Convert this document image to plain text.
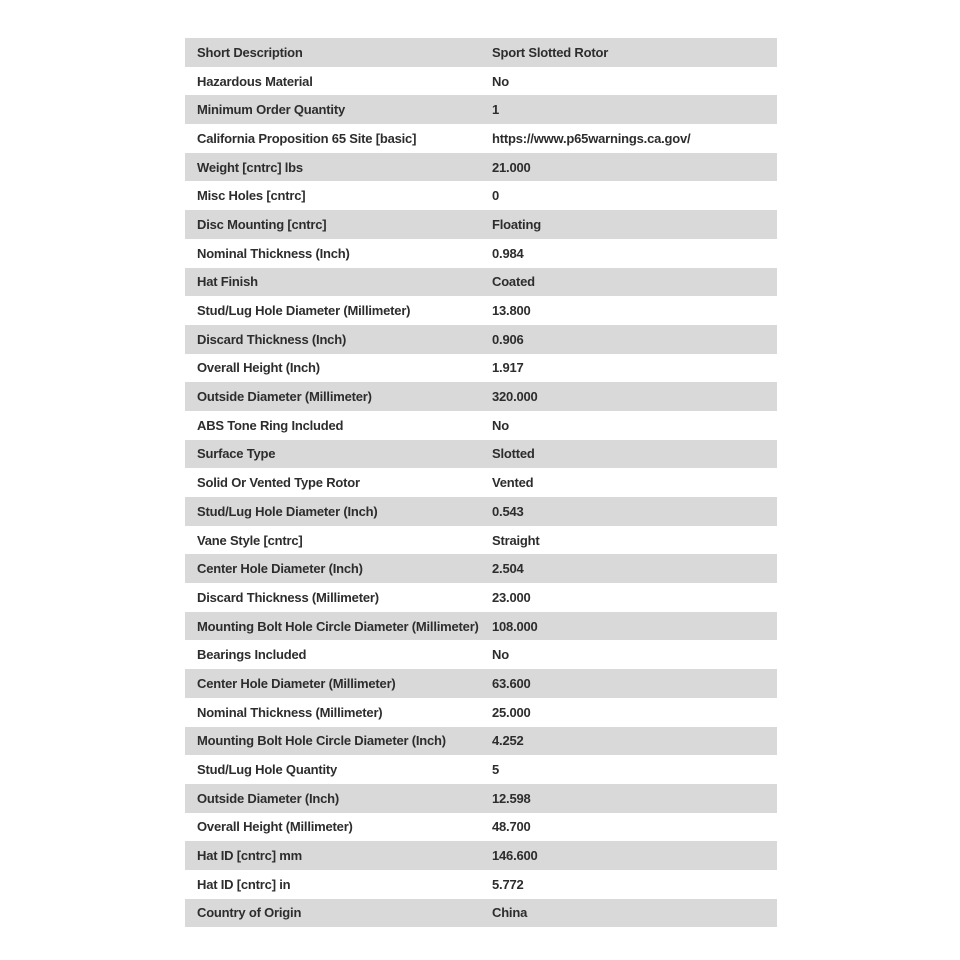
Short Description	Sport Slotted Rotor
Hazardous Material	No
Minimum Order Quantity	1
California Proposition 65 Site [basic]	https://www.p65warnings.ca.gov/
Weight [cntrc] lbs	21.000
Misc Holes [cntrc]	0
Disc Mounting [cntrc]	Floating
Nominal Thickness (Inch)	0.984
Hat Finish	Coated
Stud/Lug Hole Diameter (Millimeter)	13.800
Discard Thickness (Inch)	0.906
Overall Height (Inch)	1.917
Outside Diameter (Millimeter)	320.000
ABS Tone Ring Included	No
Surface Type	Slotted
Solid Or Vented Type Rotor	Vented
Stud/Lug Hole Diameter (Inch)	0.543
Vane Style [cntrc]	Straight
Center Hole Diameter (Inch)	2.504
Discard Thickness (Millimeter)	23.000
Mounting Bolt Hole Circle Diameter (Millimeter)	108.000
Bearings Included	No
Center Hole Diameter (Millimeter)	63.600
Nominal Thickness (Millimeter)	25.000
Mounting Bolt Hole Circle Diameter (Inch)	4.252
Stud/Lug Hole Quantity	5
Outside Diameter (Inch)	12.598
Overall Height (Millimeter)	48.700
Hat ID [cntrc] mm	146.600
Hat ID [cntrc] in	5.772
Country of Origin	China
